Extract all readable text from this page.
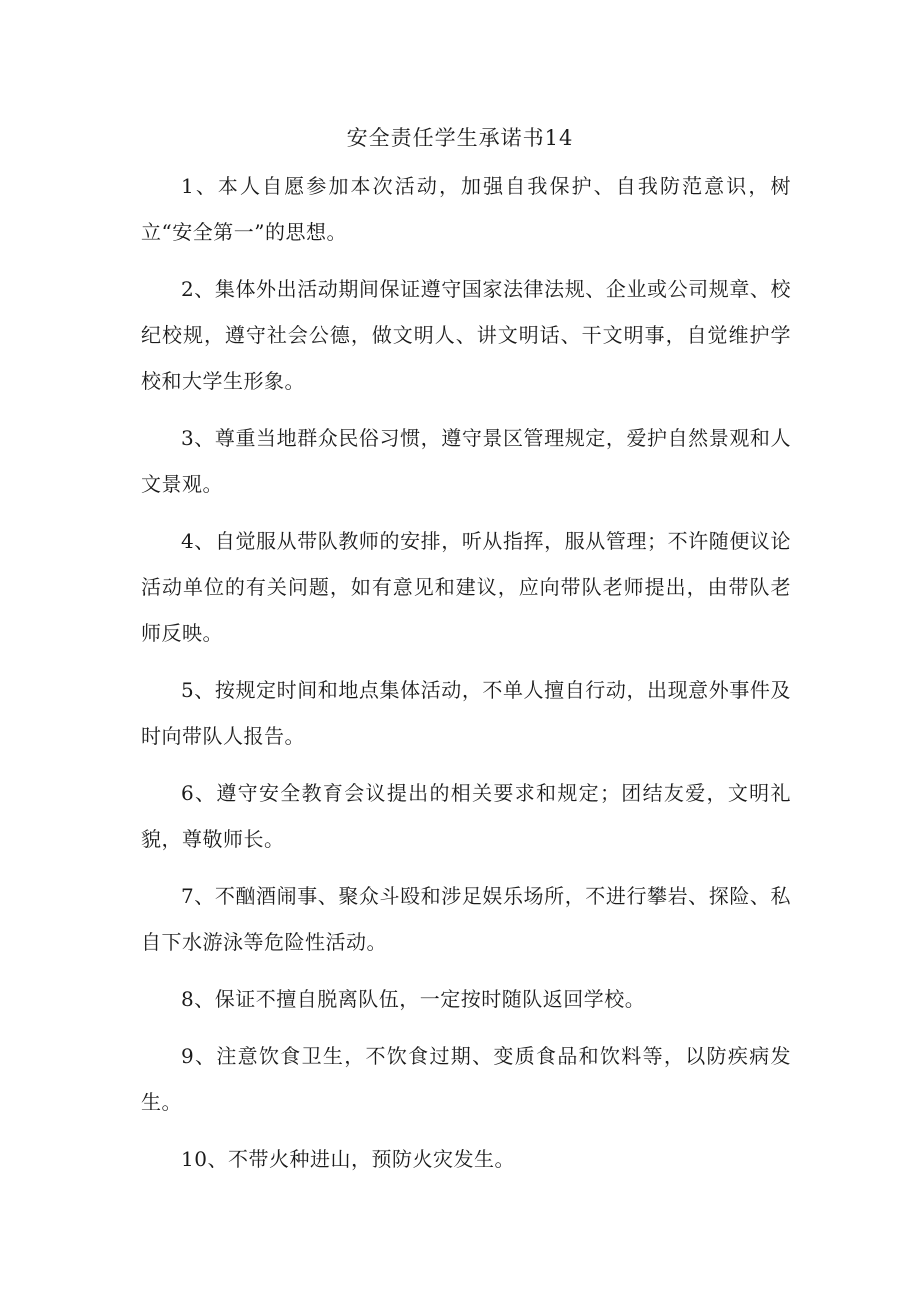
安全责任学生承诺书14

1、本人自愿参加本次活动，加强自我保护、自我防范意识，树立“安全第一”的思想。

2、集体外出活动期间保证遵守国家法律法规、企业或公司规章、校纪校规，遵守社会公德，做文明人、讲文明话、干文明事，自觉维护学校和大学生形象。

3、尊重当地群众民俗习惯，遵守景区管理规定，爱护自然景观和人文景观。

4、自觉服从带队教师的安排，听从指挥，服从管理；不许随便议论活动单位的有关问题，如有意见和建议，应向带队老师提出，由带队老师反映。

5、按规定时间和地点集体活动，不单人擅自行动，出现意外事件及时向带队人报告。

6、遵守安全教育会议提出的相关要求和规定；团结友爱，文明礼貌，尊敬师长。

7、不酗酒闹事、聚众斗殴和涉足娱乐场所，不进行攀岩、探险、私自下水游泳等危险性活动。

8、保证不擅自脱离队伍，一定按时随队返回学校。

9、注意饮食卫生，不饮食过期、变质食品和饮料等，以防疾病发生。

10、不带火种进山，预防火灾发生。
